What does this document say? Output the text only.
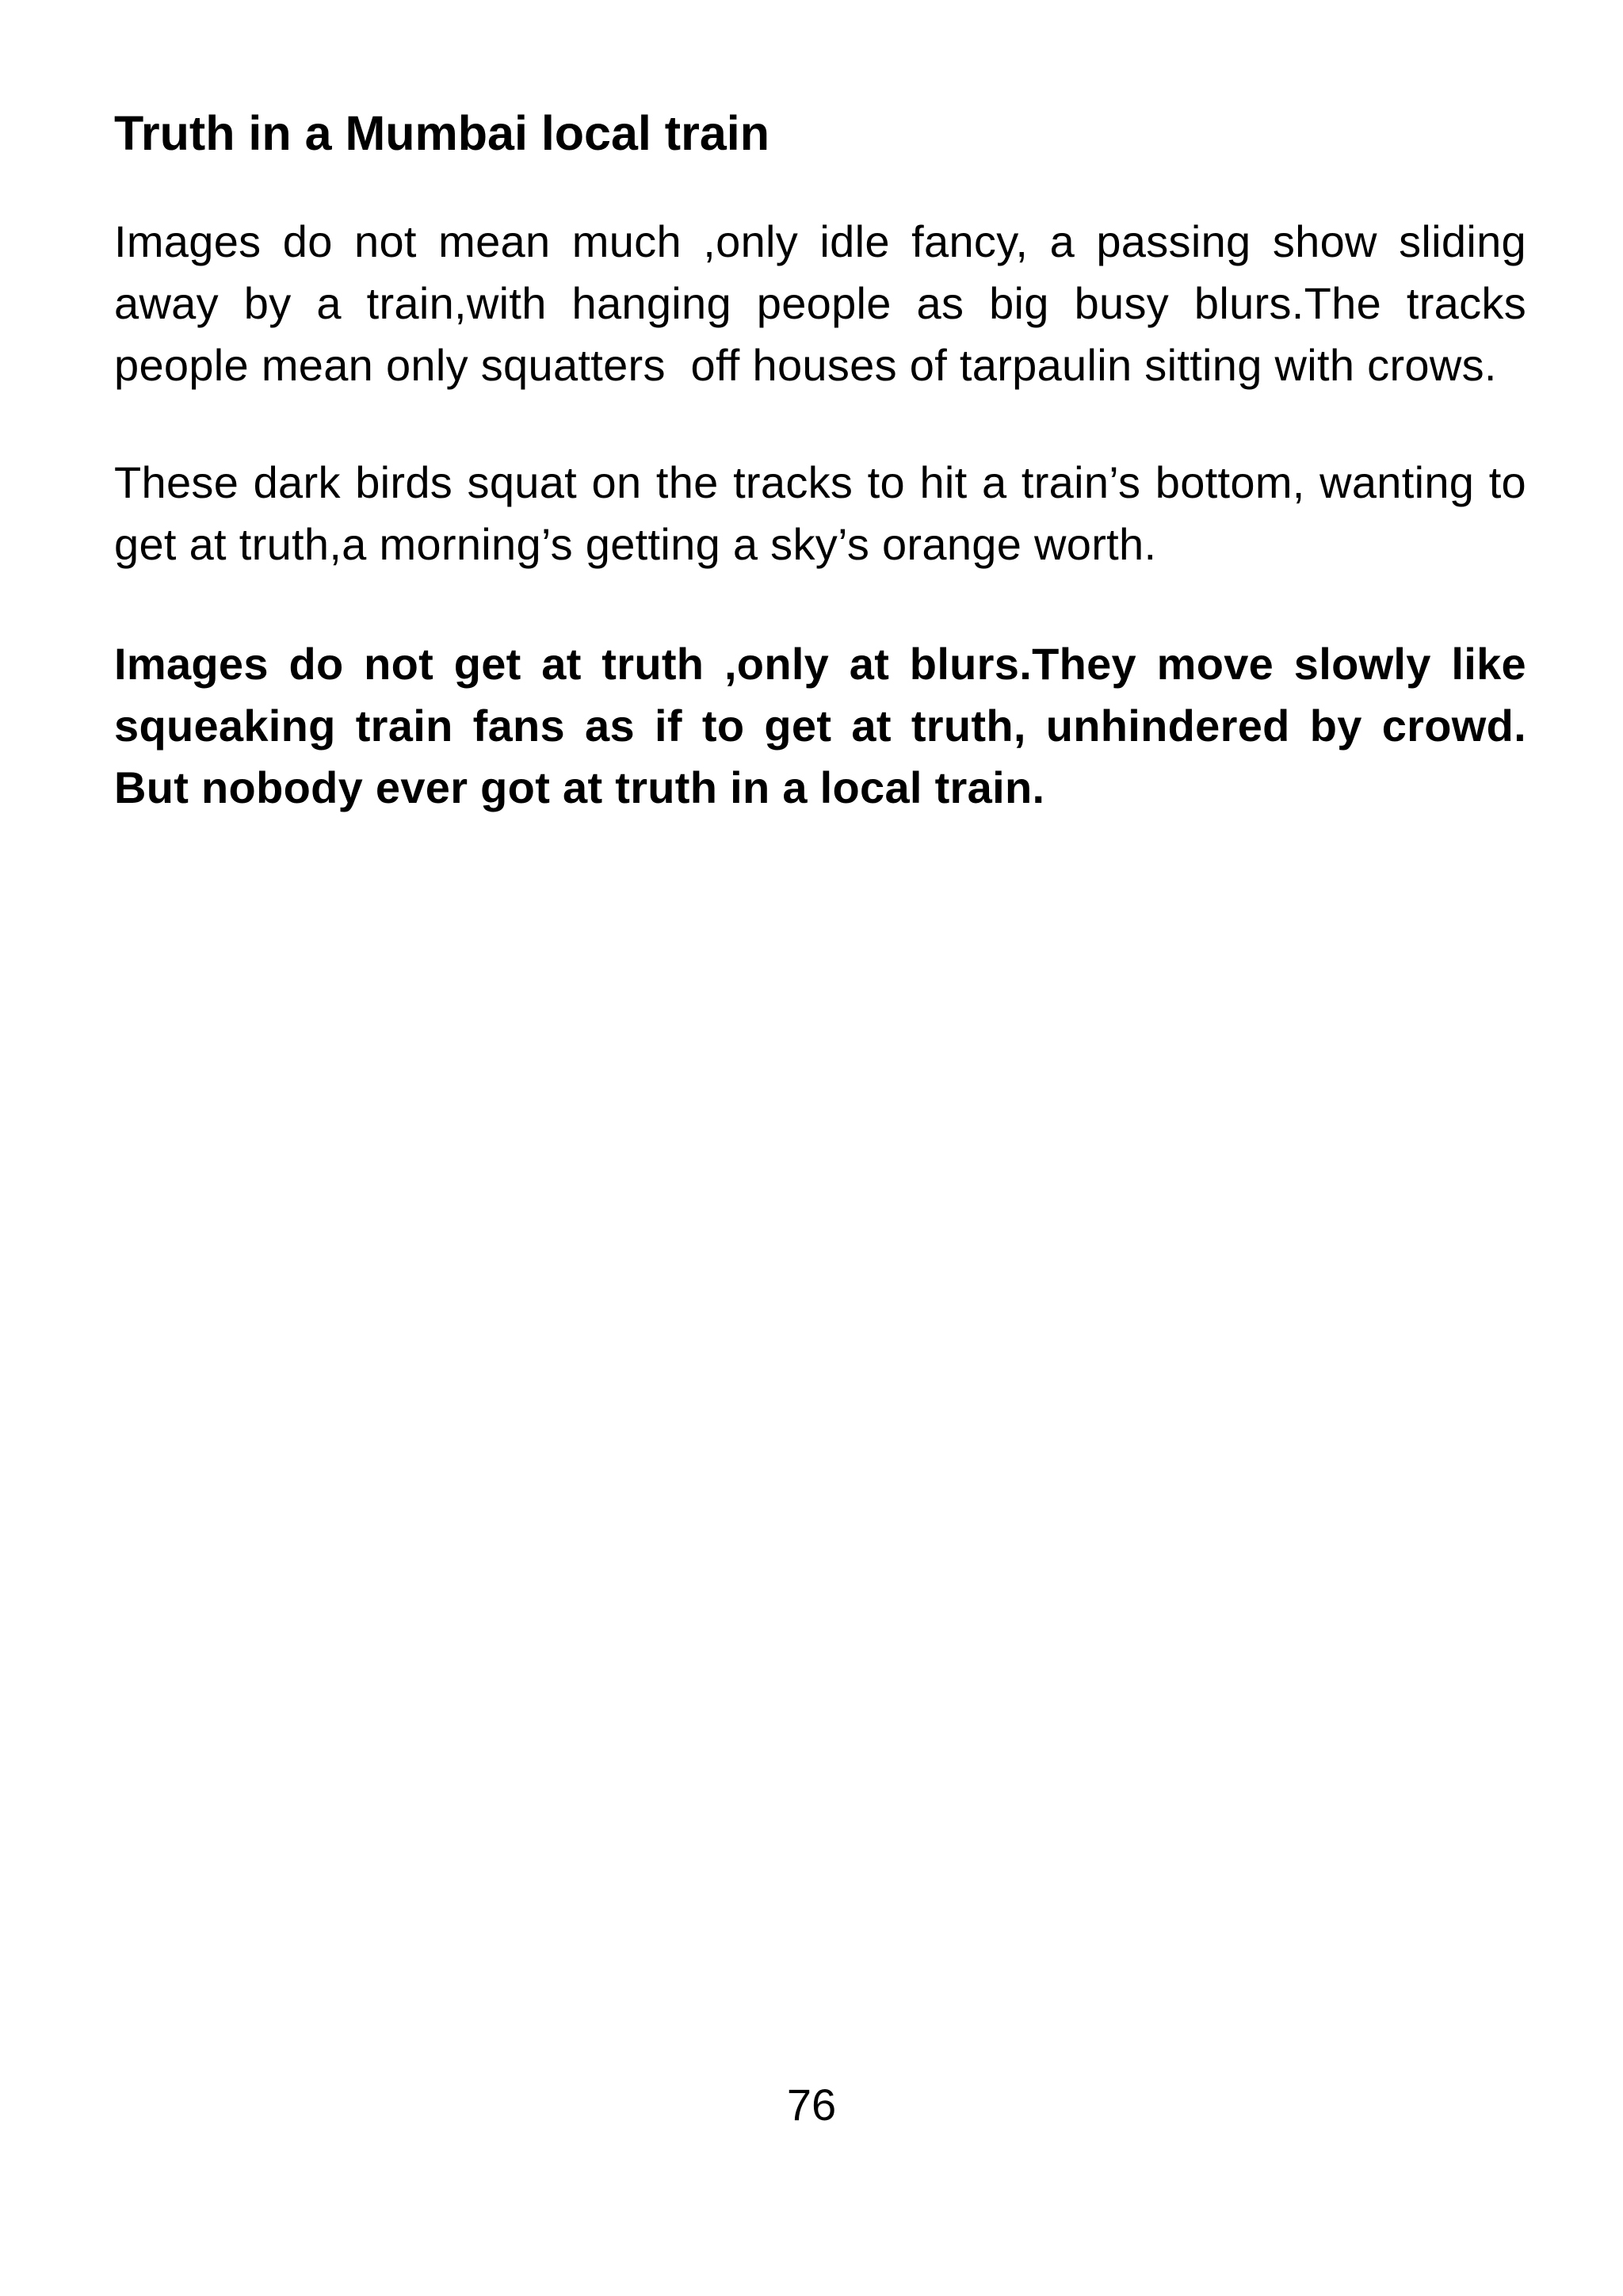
Truth in a Mumbai local train

Images do not mean much ,only idle fancy, a passing show sliding away by a train,with hanging people as big busy blurs.The tracks people mean only squatters  off houses of tarpaulin sitting with crows.

These dark birds squat on the tracks to hit a train’s bottom, wanting to get at truth,a morning’s getting a sky’s orange worth.

Images do not get at truth ,only at blurs.They move slowly like squeaking train fans as if to get at truth, unhindered by crowd. But nobody ever got at truth in a local train.

76
